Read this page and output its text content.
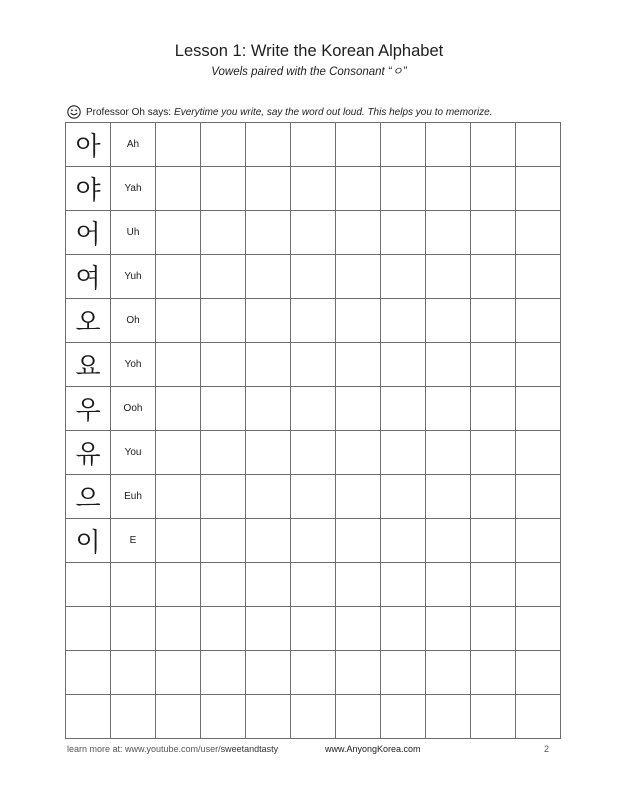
Lesson 1: Write the Korean Alphabet
Vowels paired with the Consonant “ㅇ”
Professor Oh says: Everytime you write, say the word out loud. This helps you to memorize.
아	Ah									
야	Yah									
어	Uh									
여	Yuh									
오	Oh									
요	Yoh									
우	Ooh									
유	You									
으	Euh									
이	E									

learn more at: www.youtube.com/user/sweetandtasty	www.AnyongKorea.com	2
